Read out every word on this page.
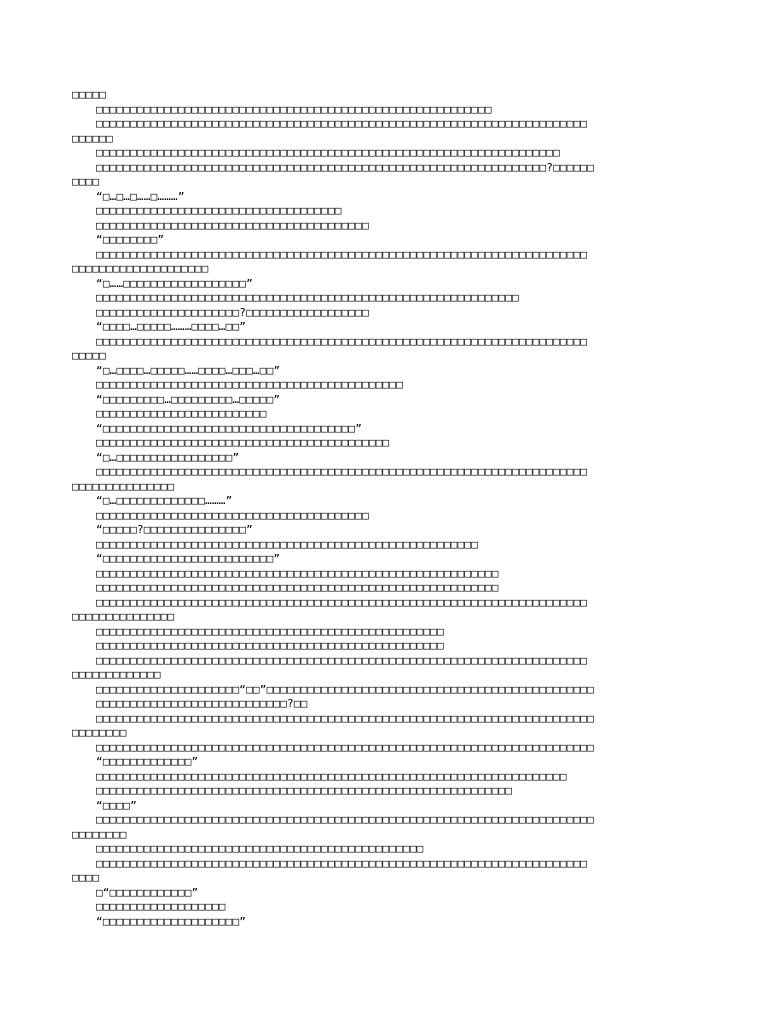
□□□□□
□□□□□□□□□□□□□□□□□□□□□□□□□□□□□□□□□□□□□□□□□□□□□□□□□□□□□□□□□□
□□□□□□□□□□□□□□□□□□□□□□□□□□□□□□□□□□□□□□□□□□□□□□□□□□□□□□□□□□□□□□□□□□□□□□□□
□□□□□□
□□□□□□□□□□□□□□□□□□□□□□□□□□□□□□□□□□□□□□□□□□□□□□□□□□□□□□□□□□□□□□□□□□□□
□□□□□□□□□□□□□□□□□□□□□□□□□□□□□□□□□□□□□□□□□□□□□□□□□□□□□□□□□□□□□□□□□□?□□□□□□
□□□□
“□…□…□……□………”
□□□□□□□□□□□□□□□□□□□□□□□□□□□□□□□□□□□□
□□□□□□□□□□□□□□□□□□□□□□□□□□□□□□□□□□□□□□□□
“□□□□□□□□”
□□□□□□□□□□□□□□□□□□□□□□□□□□□□□□□□□□□□□□□□□□□□□□□□□□□□□□□□□□□□□□□□□□□□□□□□
□□□□□□□□□□□□□□□□□□□□
“□……□□□□□□□□□□□□□□□□□□”
□□□□□□□□□□□□□□□□□□□□□□□□□□□□□□□□□□□□□□□□□□□□□□□□□□□□□□□□□□□□□□
□□□□□□□□□□□□□□□□□□□□□?□□□□□□□□□□□□□□□□□□
“□□□□…□□□□□………□□□□…□□”
□□□□□□□□□□□□□□□□□□□□□□□□□□□□□□□□□□□□□□□□□□□□□□□□□□□□□□□□□□□□□□□□□□□□□□□□
□□□□□
“□…□□□□…□□□□□……□□□□…□□□…□□”
□□□□□□□□□□□□□□□□□□□□□□□□□□□□□□□□□□□□□□□□□□□□□
“□□□□□□□□□…□□□□□□□□□…□□□□□”
□□□□□□□□□□□□□□□□□□□□□□□□□
“□□□□□□□□□□□□□□□□□□□□□□□□□□□□□□□□□□□□□”
□□□□□□□□□□□□□□□□□□□□□□□□□□□□□□□□□□□□□□□□□□□
“□…□□□□□□□□□□□□□□□□□”
□□□□□□□□□□□□□□□□□□□□□□□□□□□□□□□□□□□□□□□□□□□□□□□□□□□□□□□□□□□□□□□□□□□□□□□□
□□□□□□□□□□□□□□□
“□…□□□□□□□□□□□□□………”
□□□□□□□□□□□□□□□□□□□□□□□□□□□□□□□□□□□□□□□□
“□□□□□?□□□□□□□□□□□□□□□”
□□□□□□□□□□□□□□□□□□□□□□□□□□□□□□□□□□□□□□□□□□□□□□□□□□□□□□□□
“□□□□□□□□□□□□□□□□□□□□□□□□□”
□□□□□□□□□□□□□□□□□□□□□□□□□□□□□□□□□□□□□□□□□□□□□□□□□□□□□□□□□□□
□□□□□□□□□□□□□□□□□□□□□□□□□□□□□□□□□□□□□□□□□□□□□□□□□□□□□□□□□□□
□□□□□□□□□□□□□□□□□□□□□□□□□□□□□□□□□□□□□□□□□□□□□□□□□□□□□□□□□□□□□□□□□□□□□□□□
□□□□□□□□□□□□□□□
□□□□□□□□□□□□□□□□□□□□□□□□□□□□□□□□□□□□□□□□□□□□□□□□□□□
□□□□□□□□□□□□□□□□□□□□□□□□□□□□□□□□□□□□□□□□□□□□□□□□□□□
□□□□□□□□□□□□□□□□□□□□□□□□□□□□□□□□□□□□□□□□□□□□□□□□□□□□□□□□□□□□□□□□□□□□□□□□
□□□□□□□□□□□□□
□□□□□□□□□□□□□□□□□□□□□“□□”□□□□□□□□□□□□□□□□□□□□□□□□□□□□□□□□□□□□□□□□□□□□□□□□
□□□□□□□□□□□□□□□□□□□□□□□□□□□□?□□
□□□□□□□□□□□□□□□□□□□□□□□□□□□□□□□□□□□□□□□□□□□□□□□□□□□□□□□□□□□□□□□□□□□□□□□□□
□□□□□□□□
□□□□□□□□□□□□□□□□□□□□□□□□□□□□□□□□□□□□□□□□□□□□□□□□□□□□□□□□□□□□□□□□□□□□□□□□□
“□□□□□□□□□□□□□”
□□□□□□□□□□□□□□□□□□□□□□□□□□□□□□□□□□□□□□□□□□□□□□□□□□□□□□□□□□□□□□□□□□□□□
□□□□□□□□□□□□□□□□□□□□□□□□□□□□□□□□□□□□□□□□□□□□□□□□□□□□□□□□□□□□□
“□□□□”
□□□□□□□□□□□□□□□□□□□□□□□□□□□□□□□□□□□□□□□□□□□□□□□□□□□□□□□□□□□□□□□□□□□□□□□□□
□□□□□□□□
□□□□□□□□□□□□□□□□□□□□□□□□□□□□□□□□□□□□□□□□□□□□□□□□
□□□□□□□□□□□□□□□□□□□□□□□□□□□□□□□□□□□□□□□□□□□□□□□□□□□□□□□□□□□□□□□□□□□□□□□□
□□□□
□“□□□□□□□□□□□□”
□□□□□□□□□□□□□□□□□□□
“□□□□□□□□□□□□□□□□□□□□”
